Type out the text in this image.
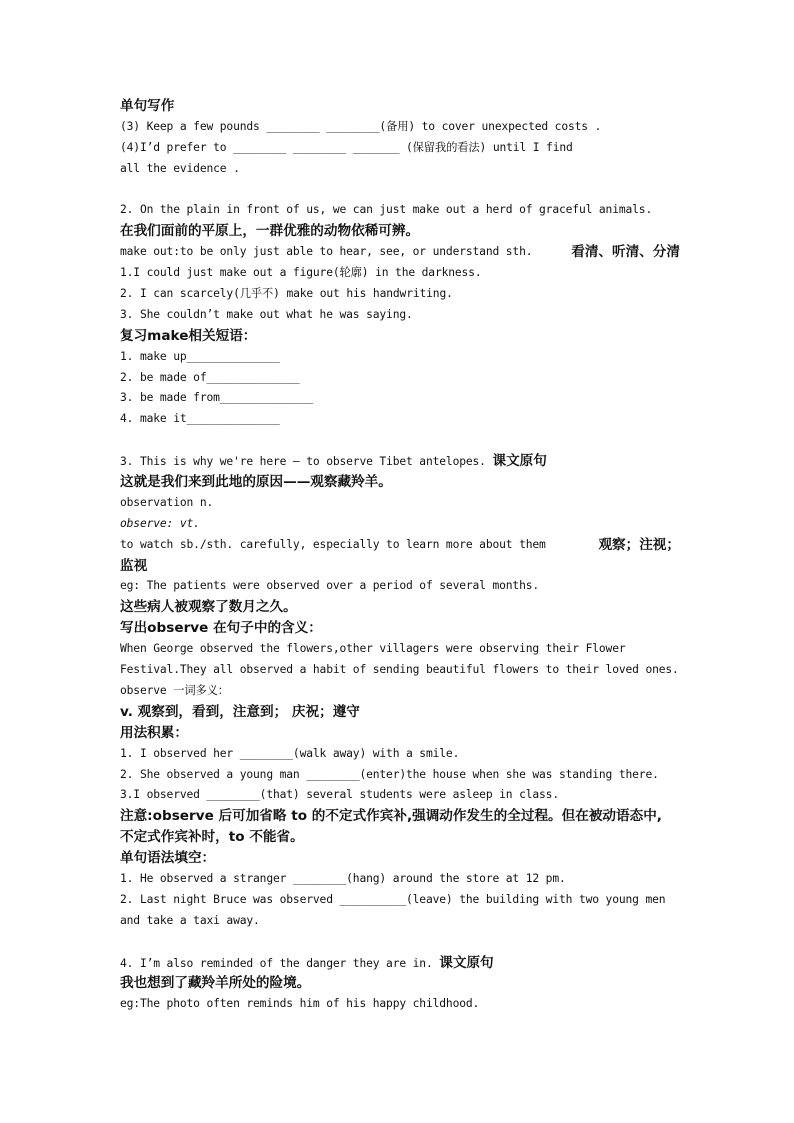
单句写作
(3) Keep a few pounds ________ ________(备用) to cover unexpected costs .
(4)I’d prefer to ________ ________ _______ (保留我的看法) until I find
all the evidence .
2. On the plain in front of us, we can just make out a herd of graceful animals.
在我们面前的平原上，一群优雅的动物依稀可辨。
make out:to be only just able to hear, see, or understand sth.	看清、听清、分清
1.I could just make out a figure(轮廓) in the darkness.
2. I can scarcely(几乎不) make out his handwriting.
3. She couldn’t make out what he was saying.
复习make相关短语：
1. make up______________
2. be made of______________
3. be made from______________
4. make it______________
3. This is why we're here — to observe Tibet antelopes. 课文原句
这就是我们来到此地的原因——观察藏羚羊。
observation n.
observe: vt.
to watch sb./sth. carefully, especially to learn more about them	观察；注视；
监视
eg: The patients were observed over a period of several months.
这些病人被观察了数月之久。
写出observe 在句子中的含义：
When George observed the flowers,other villagers were observing their Flower
Festival.They all observed a habit of sending beautiful flowers to their loved ones.
observe 一词多义：
v. 观察到，看到，注意到； 庆祝；遵守
用法积累：
1. I observed her ________(walk away) with a smile.
2. She observed a young man ________(enter)the house when she was standing there.
3.I observed ________(that) several students were asleep in class.
注意:observe 后可加省略 to 的不定式作宾补,强调动作发生的全过程。但在被动语态中,
不定式作宾补时，to 不能省。
单句语法填空：
1. He observed a stranger ________(hang) around the store at 12 pm.
2. Last night Bruce was observed __________(leave) the building with two young men
and take a taxi away.
4. I’m also reminded of the danger they are in. 课文原句
我也想到了藏羚羊所处的险境。
eg:The photo often reminds him of his happy childhood.
